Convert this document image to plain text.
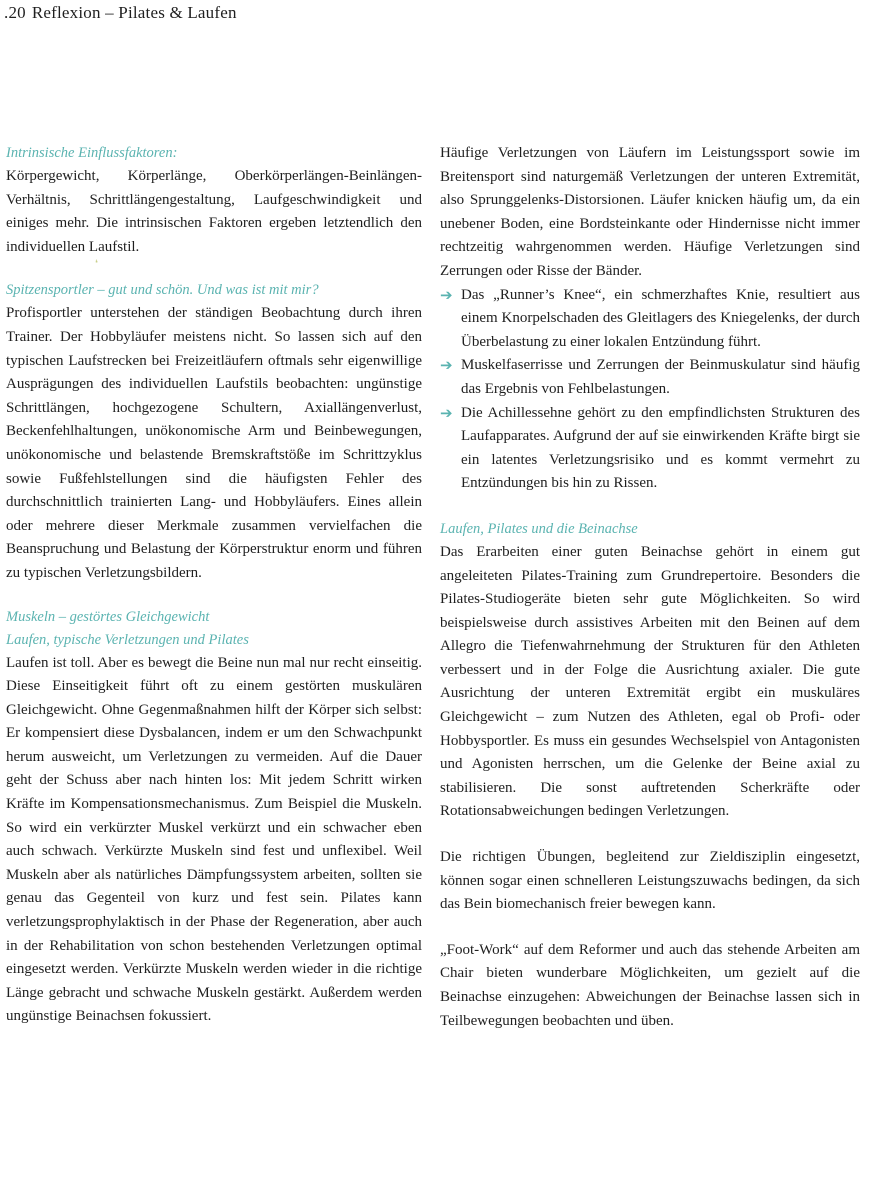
.20 Reflexion – Pilates & Laufen
❛
Intrinsische Einflussfaktoren:

Körpergewicht, Körperlänge, Oberkörperlängen-Beinlängen-Verhältnis, Schrittlängengestaltung, Laufgeschwindigkeit und einiges mehr. Die intrinsischen Faktoren ergeben letztendlich den individuellen Laufstil.

Spitzensportler – gut und schön. Und was ist mit mir?

Profisportler unterstehen der ständigen Beobachtung durch ihren Trainer. Der Hobbyläufer meistens nicht. So lassen sich auf den typischen Laufstrecken bei Freizeitläufern oftmals sehr eigenwillige Ausprägungen des individuellen Laufstils beobachten: ungünstige Schrittlängen, hochgezogene Schultern, Axiallängenverlust, Beckenfehlhaltungen, unökonomische Arm und Beinbewegungen, unökonomische und belastende Bremskraftstöße im Schrittzyklus sowie Fußfehlstellungen sind die häufigsten Fehler des durchschnittlich trainierten Lang- und Hobbyläufers. Eines allein oder mehrere dieser Merkmale zusammen vervielfachen die Beanspruchung und Belastung der Körperstruktur enorm und führen zu typischen Verletzungsbildern.

Muskeln – gestörtes Gleichgewicht
Laufen, typische Verletzungen und Pilates

Laufen ist toll. Aber es bewegt die Beine nun mal nur recht einseitig. Diese Einseitigkeit führt oft zu einem gestörten muskulären Gleichgewicht. Ohne Gegenmaßnahmen hilft der Körper sich selbst: Er kompensiert diese Dysbalancen, indem er um den Schwachpunkt herum ausweicht, um Verletzungen zu vermeiden. Auf die Dauer geht der Schuss aber nach hinten los: Mit jedem Schritt wirken Kräfte im Kompensationsmechanismus. Zum Beispiel die Muskeln. So wird ein verkürzter Muskel verkürzt und ein schwacher eben auch schwach. Verkürzte Muskeln sind fest und unflexibel. Weil Muskeln aber als natürliches Dämpfungssystem arbeiten, sollten sie genau das Gegenteil von kurz und fest sein. Pilates kann verletzungsprophylaktisch in der Phase der Regeneration, aber auch in der Rehabilitation von schon bestehenden Verletzungen optimal eingesetzt werden. Verkürzte Muskeln werden wieder in die richtige Länge gebracht und schwache Muskeln gestärkt. Außerdem werden ungünstige Beinachsen fokussiert.

Häufige Verletzungen von Läufern im Leistungssport sowie im Breitensport sind naturgemäß Verletzungen der unteren Extremität, also Sprunggelenks-Distorsionen. Läufer knicken häufig um, da ein unebener Boden, eine Bordsteinkante oder Hindernisse nicht immer rechtzeitig wahrgenommen werden. Häufige Verletzungen sind Zerrungen oder Risse der Bänder.

➔ Das „Runner’s Knee“, ein schmerzhaftes Knie, resultiert aus einem Knorpelschaden des Gleitlagers des Kniegelenks, der durch Überbelastung zu einer lokalen Entzündung führt.
➔ Muskelfaserrisse und Zerrungen der Beinmuskulatur sind häufig das Ergebnis von Fehlbelastungen.
➔ Die Achillessehne gehört zu den empfindlichsten Strukturen des Laufapparates. Aufgrund der auf sie einwirkenden Kräfte birgt sie ein latentes Verletzungsrisiko und es kommt vermehrt zu Entzündungen bis hin zu Rissen.
Laufen, Pilates und die Beinachse

Das Erarbeiten einer guten Beinachse gehört in einem gut angeleiteten Pilates-Training zum Grundrepertoire. Besonders die Pilates-Studiogeräte bieten sehr gute Möglichkeiten. So wird beispielsweise durch assistives Arbeiten mit den Beinen auf dem Allegro die Tiefenwahrnehmung der Strukturen für den Athleten verbessert und in der Folge die Ausrichtung axialer. Die gute Ausrichtung der unteren Extremität ergibt ein muskuläres Gleichgewicht – zum Nutzen des Athleten, egal ob Profi- oder Hobbysportler. Es muss ein gesundes Wechselspiel von Antagonisten und Agonisten herrschen, um die Gelenke der Beine axial zu stabilisieren. Die sonst auftretenden Scherkräfte oder Rotationsabweichungen bedingen Verletzungen.

Die richtigen Übungen, begleitend zur Zieldisziplin eingesetzt, können sogar einen schnelleren Leistungszuwachs bedingen, da sich das Bein biomechanisch freier bewegen kann.

„Foot-Work“ auf dem Reformer und auch das stehende Arbeiten am Chair bieten wunderbare Möglichkeiten, um gezielt auf die Beinachse einzugehen: Abweichungen der Beinachse lassen sich in Teilbewegungen beobachten und üben.
